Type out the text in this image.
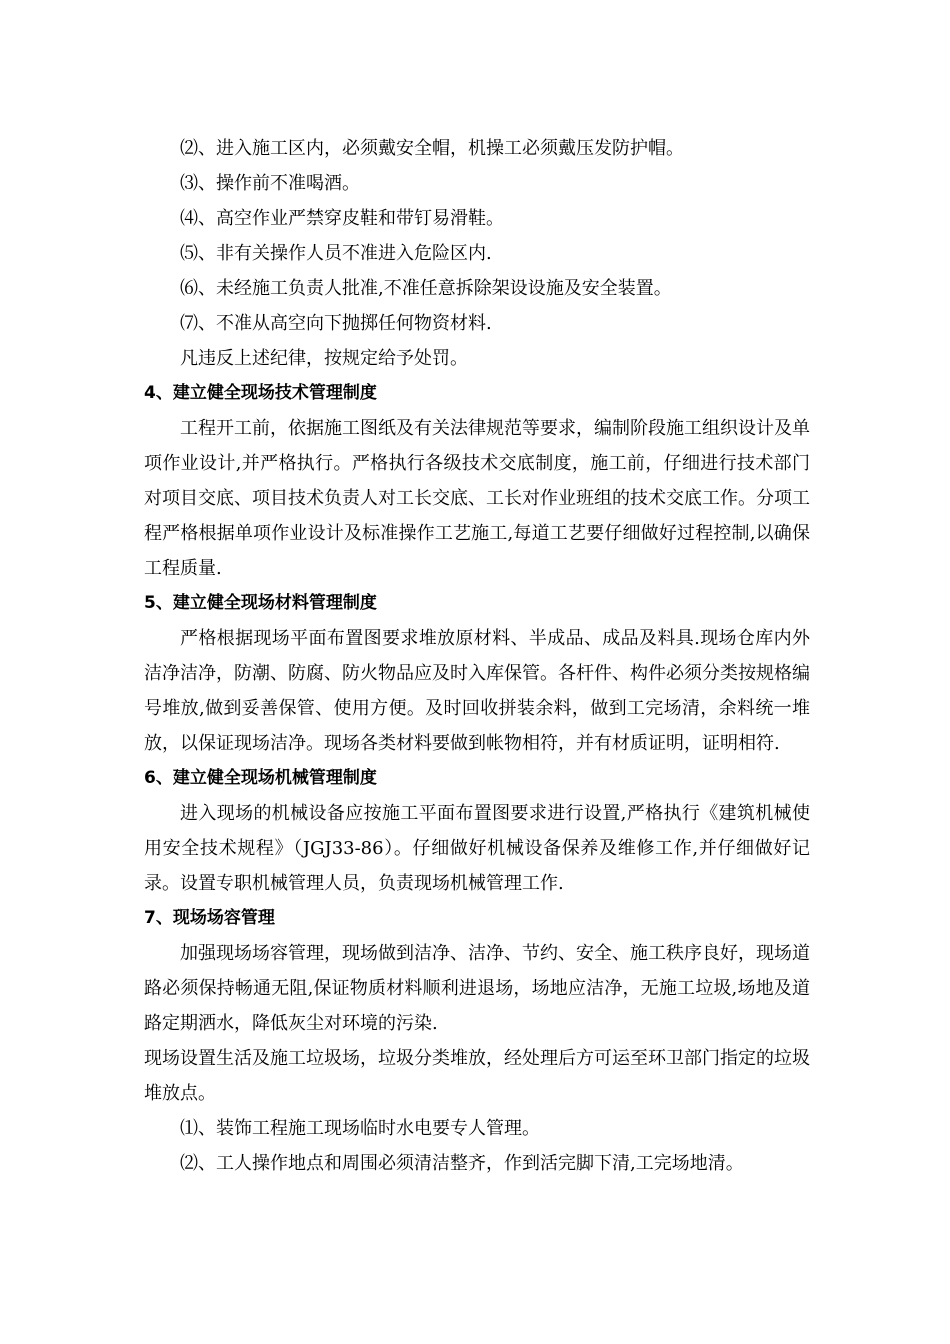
⑵、进入施工区内，必须戴安全帽，机操工必须戴压发防护帽。
⑶、操作前不准喝酒。
⑷、高空作业严禁穿皮鞋和带钉易滑鞋。
⑸、非有关操作人员不准进入危险区内.
⑹、未经施工负责人批准,不准任意拆除架设设施及安全装置。
⑺、不准从高空向下抛掷任何物资材料.
凡违反上述纪律，按规定给予处罚。
4、建立健全现场技术管理制度
工程开工前，依据施工图纸及有关法律规范等要求，编制阶段施工组织设计及单项作业设计,并严格执行。严格执行各级技术交底制度，施工前，仔细进行技术部门对项目交底、项目技术负责人对工长交底、工长对作业班组的技术交底工作。分项工程严格根据单项作业设计及标准操作工艺施工,每道工艺要仔细做好过程控制,以确保工程质量.
5、建立健全现场材料管理制度
严格根据现场平面布置图要求堆放原材料、半成品、成品及料具.现场仓库内外洁净洁净，防潮、防腐、防火物品应及时入库保管。各杆件、构件必须分类按规格编号堆放,做到妥善保管、使用方便。及时回收拼装余料，做到工完场清，余料统一堆放，以保证现场洁净。现场各类材料要做到帐物相符，并有材质证明，证明相符.
6、建立健全现场机械管理制度
进入现场的机械设备应按施工平面布置图要求进行设置,严格执行《建筑机械使用安全技术规程》（JGJ33-86）。仔细做好机械设备保养及维修工作,并仔细做好记录。设置专职机械管理人员，负责现场机械管理工作.
7、现场场容管理
加强现场场容管理，现场做到洁净、洁净、节约、安全、施工秩序良好，现场道路必须保持畅通无阻,保证物质材料顺利进退场，场地应洁净，无施工垃圾,场地及道路定期洒水，降低灰尘对环境的污染.
现场设置生活及施工垃圾场，垃圾分类堆放，经处理后方可运至环卫部门指定的垃圾堆放点。
⑴、装饰工程施工现场临时水电要专人管理。
⑵、工人操作地点和周围必须清洁整齐，作到活完脚下清,工完场地清。
